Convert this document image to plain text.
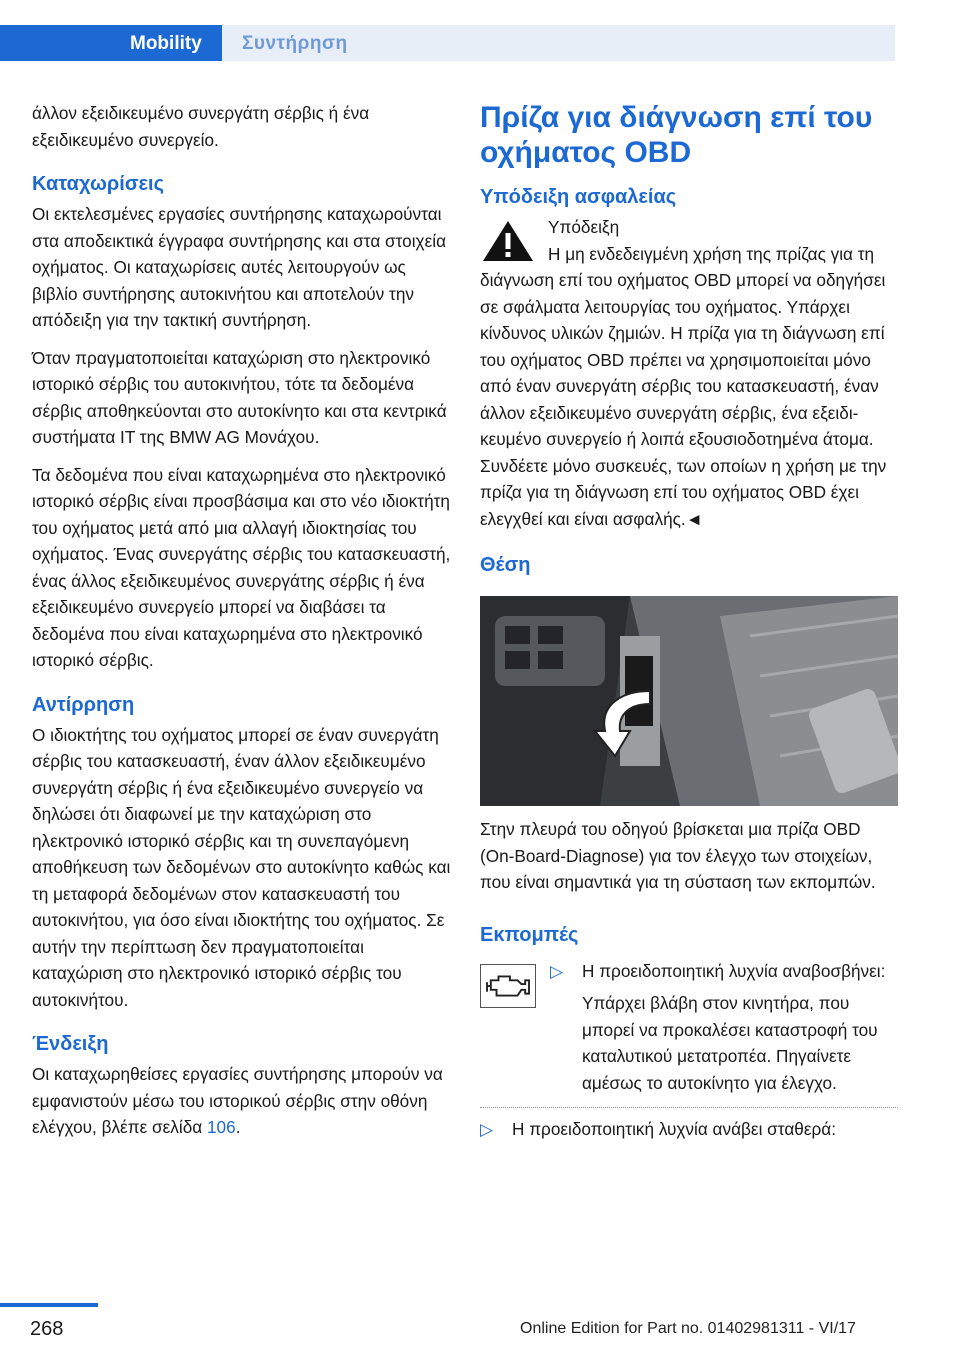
Mobility Συντήρηση

άλλον εξειδικευμένο συνεργάτη σέρβις ή ένα εξειδικευμένο συνεργείο.

Καταχωρίσεις

Οι εκτελεσμένες εργασίες συντήρησης καταχωρούνται στα αποδεικτικά έγγραφα συντήρησης και στα στοιχεία οχήματος. Οι καταχωρίσεις αυτές λειτουργούν ως βιβλίο συντήρησης αυτοκινήτου και αποτελούν την απόδειξη για την τακτική συντήρηση.

Όταν πραγματοποιείται καταχώριση στο ηλεκτρονικό ιστορικό σέρβις του αυτοκινήτου, τότε τα δεδομένα σέρβις αποθηκεύονται στο αυτοκίνητο και στα κεντρικά συστήματα IT της BMW AG Μονάχου.

Τα δεδομένα που είναι καταχωρημένα στο ηλεκτρονικό ιστορικό σέρβις είναι προσβάσιμα και στο νέο ιδιοκτήτη του οχήματος μετά από μια αλλαγή ιδιοκτησίας του οχήματος. Ένας συνεργάτης σέρβις του κατασκευαστή, ένας άλλος εξειδικευμένος συνεργάτης σέρβις ή ένα εξειδικευμένο συνεργείο μπορεί να διαβάσει τα δεδομένα που είναι καταχωρημένα στο ηλεκτρονικό ιστορικό σέρβις.

Αντίρρηση

Ο ιδιοκτήτης του οχήματος μπορεί σε έναν συνεργάτη σέρβις του κατασκευαστή, έναν άλλον εξειδικευμένο συνεργάτη σέρβις ή ένα εξειδικευμένο συνεργείο να δηλώσει ότι διαφωνεί με την καταχώριση στο ηλεκτρονικό ιστορικό σέρβις και τη συνεπαγόμενη αποθήκευση των δεδομένων στο αυτοκίνητο καθώς και τη μεταφορά δεδομένων στον κατασκευαστή του αυτοκινήτου, για όσο είναι ιδιοκτήτης του οχήματος. Σε αυτήν την περίπτωση δεν πραγματοποιείται καταχώριση στο ηλεκτρονικό ιστορικό σέρβις του αυτοκινήτου.

Ένδειξη

Οι καταχωρηθείσες εργασίες συντήρησης μπορούν να εμφανιστούν μέσω του ιστορικού σέρβις στην οθόνη ελέγχου, βλέπε σελίδα 106.

Πρίζα για διάγνωση επί του οχήματος OBD
Υπόδειξη ασφαλείας
Υπόδειξη

Η μη ενδεδειγμένη χρήση της πρίζας για τη διάγνωση επί του οχήματος OBD μπορεί να οδηγήσει σε σφάλματα λειτουργίας του οχήματος. Υπάρχει κίνδυνος υλικών ζημιών. Η πρίζα για τη διάγνωση επί του οχήματος OBD πρέπει να χρησιμοποιείται μόνο από έναν συνεργάτη σέρβις του κατασκευαστή, έναν άλλον εξειδικευμένο συνεργάτη σέρβις, ένα εξειδικευμένο συνεργείο ή λοιπά εξουσιοδοτημένα άτομα. Συνδέετε μόνο συσκευές, των οποίων η χρήση με την πρίζα για τη διάγνωση επί του οχήματος OBD έχει ελεγχθεί και είναι ασφαλής.◄

Θέση

Στην πλευρά του οδηγού βρίσκεται μια πρίζα OBD (On-Board-Diagnose) για τον έλεγχο των στοιχείων, που είναι σημαντικά για τη σύσταση των εκπομπών.

Εκπομπές
▷ Η προειδοποιητική λυχνία αναβοσβήνει:

Υπάρχει βλάβη στον κινητήρα, που μπορεί να προκαλέσει καταστροφή του καταλυτικού μετατροπέα. Πηγαίνετε αμέσως το αυτοκίνητο για έλεγχο.

▷ Η προειδοποιητική λυχνία ανάβει σταθερά:
268	Online Edition for Part no. 01402981311 - VI/17
